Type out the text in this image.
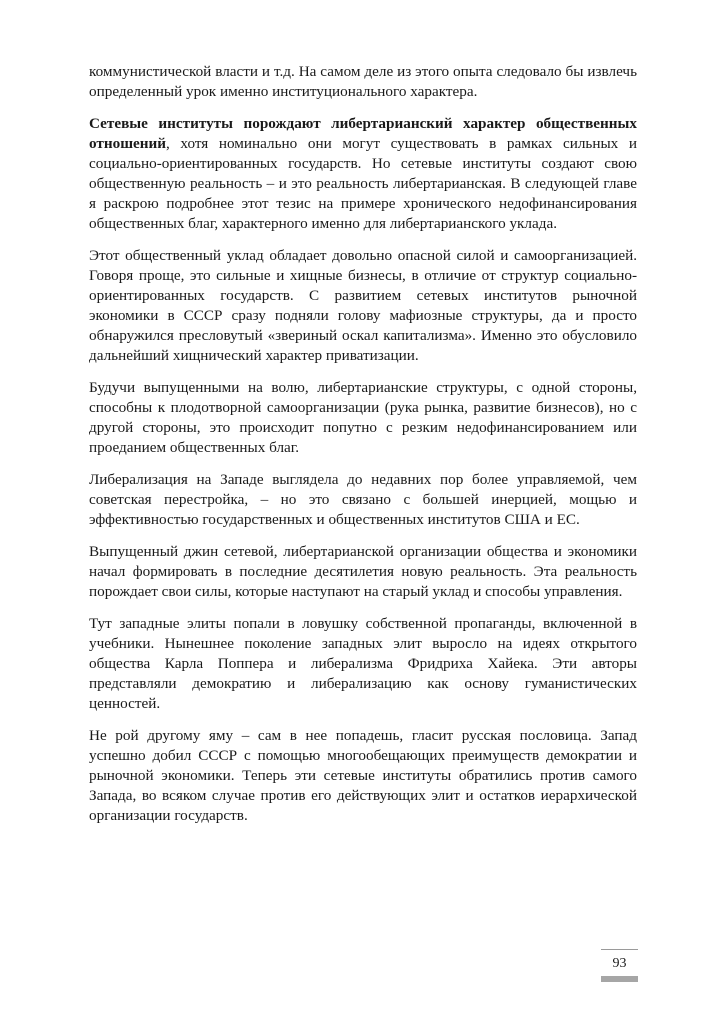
коммунистической власти и т.д. На самом деле из этого опыта следовало бы извлечь определенный урок именно институционального характера.

Сетевые институты порождают либертарианский характер общественных отношений, хотя номинально они могут существовать в рамках сильных и социально-ориентированных государств. Но сетевые институты создают свою общественную реальность – и это реальность либертарианская. В следующей главе я раскрою подробнее этот тезис на примере хронического недофинансирования общественных благ, характерного именно для либертарианского уклада.

Этот общественный уклад обладает довольно опасной силой и самоорганизацией. Говоря проще, это сильные и хищные бизнесы, в отличие от структур социально-ориентированных государств. С развитием сетевых институтов рыночной экономики в СССР сразу подняли голову мафиозные структуры, да и просто обнаружился пресловутый «звериный оскал капитализма». Именно это обусловило дальнейший хищнический характер приватизации.

Будучи выпущенными на волю, либертарианские структуры, с одной стороны, способны к плодотворной самоорганизации (рука рынка, развитие бизнесов), но с другой стороны, это происходит попутно с резким недофинансированием или проеданием общественных благ.

Либерализация на Западе выглядела до недавних пор более управляемой, чем советская перестройка, – но это связано с большей инерцией, мощью и эффективностью государственных и общественных институтов США и ЕС.

Выпущенный джин сетевой, либертарианской организации общества и экономики начал формировать в последние десятилетия новую реальность. Эта реальность порождает свои силы, которые наступают на старый уклад и способы управления.

Тут западные элиты попали в ловушку собственной пропаганды, включенной в учебники. Нынешнее поколение западных элит выросло на идеях открытого общества Карла Поппера и либерализма Фридриха Хайека. Эти авторы представляли демократию и либерализацию как основу гуманистических ценностей.

Не рой другому яму – сам в нее попадешь, гласит русская пословица. Запад успешно добил СССР с помощью многообещающих преимуществ демократии и рыночной экономики. Теперь эти сетевые институты обратились против самого Запада, во всяком случае против его действующих элит и остатков иерархической организации государств.

93
